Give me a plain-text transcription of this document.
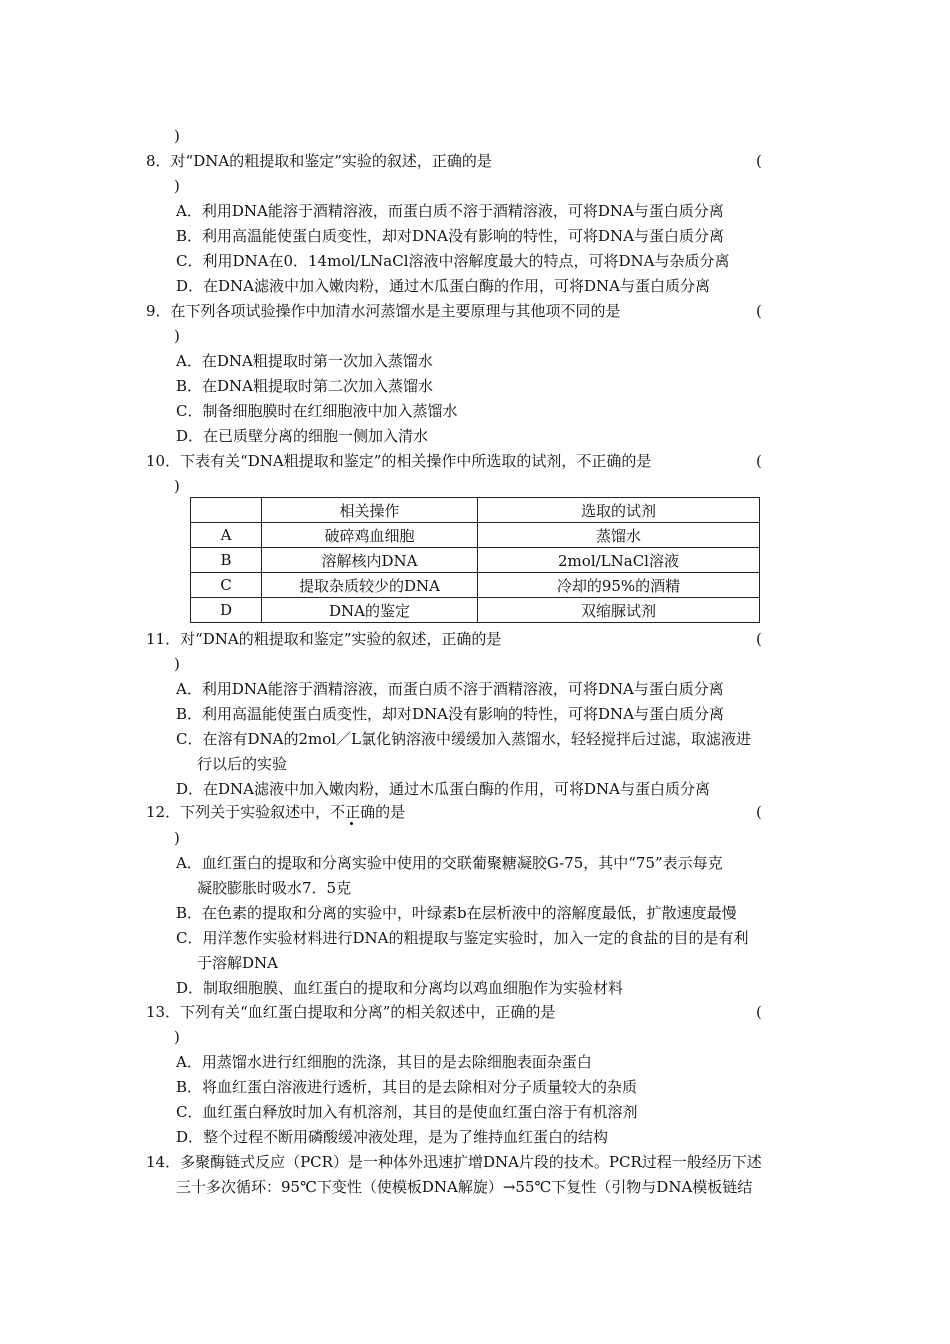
)
8．对“DNA的粗提取和鉴定”实验的叙述，正确的是	(
)
A．利用DNA能溶于酒精溶液，而蛋白质不溶于酒精溶液，可将DNA与蛋白质分离
B．利用高温能使蛋白质变性，却对DNA没有影响的特性，可将DNA与蛋白质分离
C．利用DNA在0．14mol/LNaCl溶液中溶解度最大的特点，可将DNA与杂质分离
D．在DNA滤液中加入嫩肉粉，通过木瓜蛋白酶的作用，可将DNA与蛋白质分离
9．在下列各项试验操作中加清水河蒸馏水是主要原理与其他项不同的是	(
)
A．在DNA粗提取时第一次加入蒸馏水
B．在DNA粗提取时第二次加入蒸馏水
C．制备细胞膜时在红细胞液中加入蒸馏水
D．在已质壁分离的细胞一侧加入清水
10．下表有关“DNA粗提取和鉴定”的相关操作中所选取的试剂，不正确的是	(
)
	相关操作	选取的试剂
A	破碎鸡血细胞	蒸馏水
B	溶解核内DNA	2mol/LNaCl溶液
C	提取杂质较少的DNA	冷却的95%的酒精
D	DNA的鉴定	双缩脲试剂
11．对“DNA的粗提取和鉴定”实验的叙述，正确的是	(
)
A．利用DNA能溶于酒精溶液，而蛋白质不溶于酒精溶液，可将DNA与蛋白质分离
B．利用高温能使蛋白质变性，却对DNA没有影响的特性，可将DNA与蛋白质分离
C．在溶有DNA的2mol／L氯化钠溶液中缓缓加入蒸馏水，轻轻搅拌后过滤，取滤液进
行以后的实验
D．在DNA滤液中加入嫩肉粉，通过木瓜蛋白酶的作用，可将DNA与蛋白质分离
12．下列关于实验叙述中，不正确的是	(
)
A．血红蛋白的提取和分离实验中使用的交联葡聚糖凝胶G-75，其中“75”表示每克
凝胶膨胀时吸水7．5克
B．在色素的提取和分离的实验中，叶绿素b在层析液中的溶解度最低，扩散速度最慢
C．用洋葱作实验材料进行DNA的粗提取与鉴定实验时，加入一定的食盐的目的是有利
于溶解DNA
D．制取细胞膜、血红蛋白的提取和分离均以鸡血细胞作为实验材料
13．下列有关“血红蛋白提取和分离”的相关叙述中，正确的是	(
)
A．用蒸馏水进行红细胞的洗涤，其目的是去除细胞表面杂蛋白
B．将血红蛋白溶液进行透析，其目的是去除相对分子质量较大的杂质
C．血红蛋白释放时加入有机溶剂，其目的是使血红蛋白溶于有机溶剂
D．整个过程不断用磷酸缓冲液处理，是为了维持血红蛋白的结构
14．多聚酶链式反应（PCR）是一种体外迅速扩增DNA片段的技术。PCR过程一般经历下述
三十多次循环：95℃下变性（使模板DNA解旋）→55℃下复性（引物与DNA模板链结
